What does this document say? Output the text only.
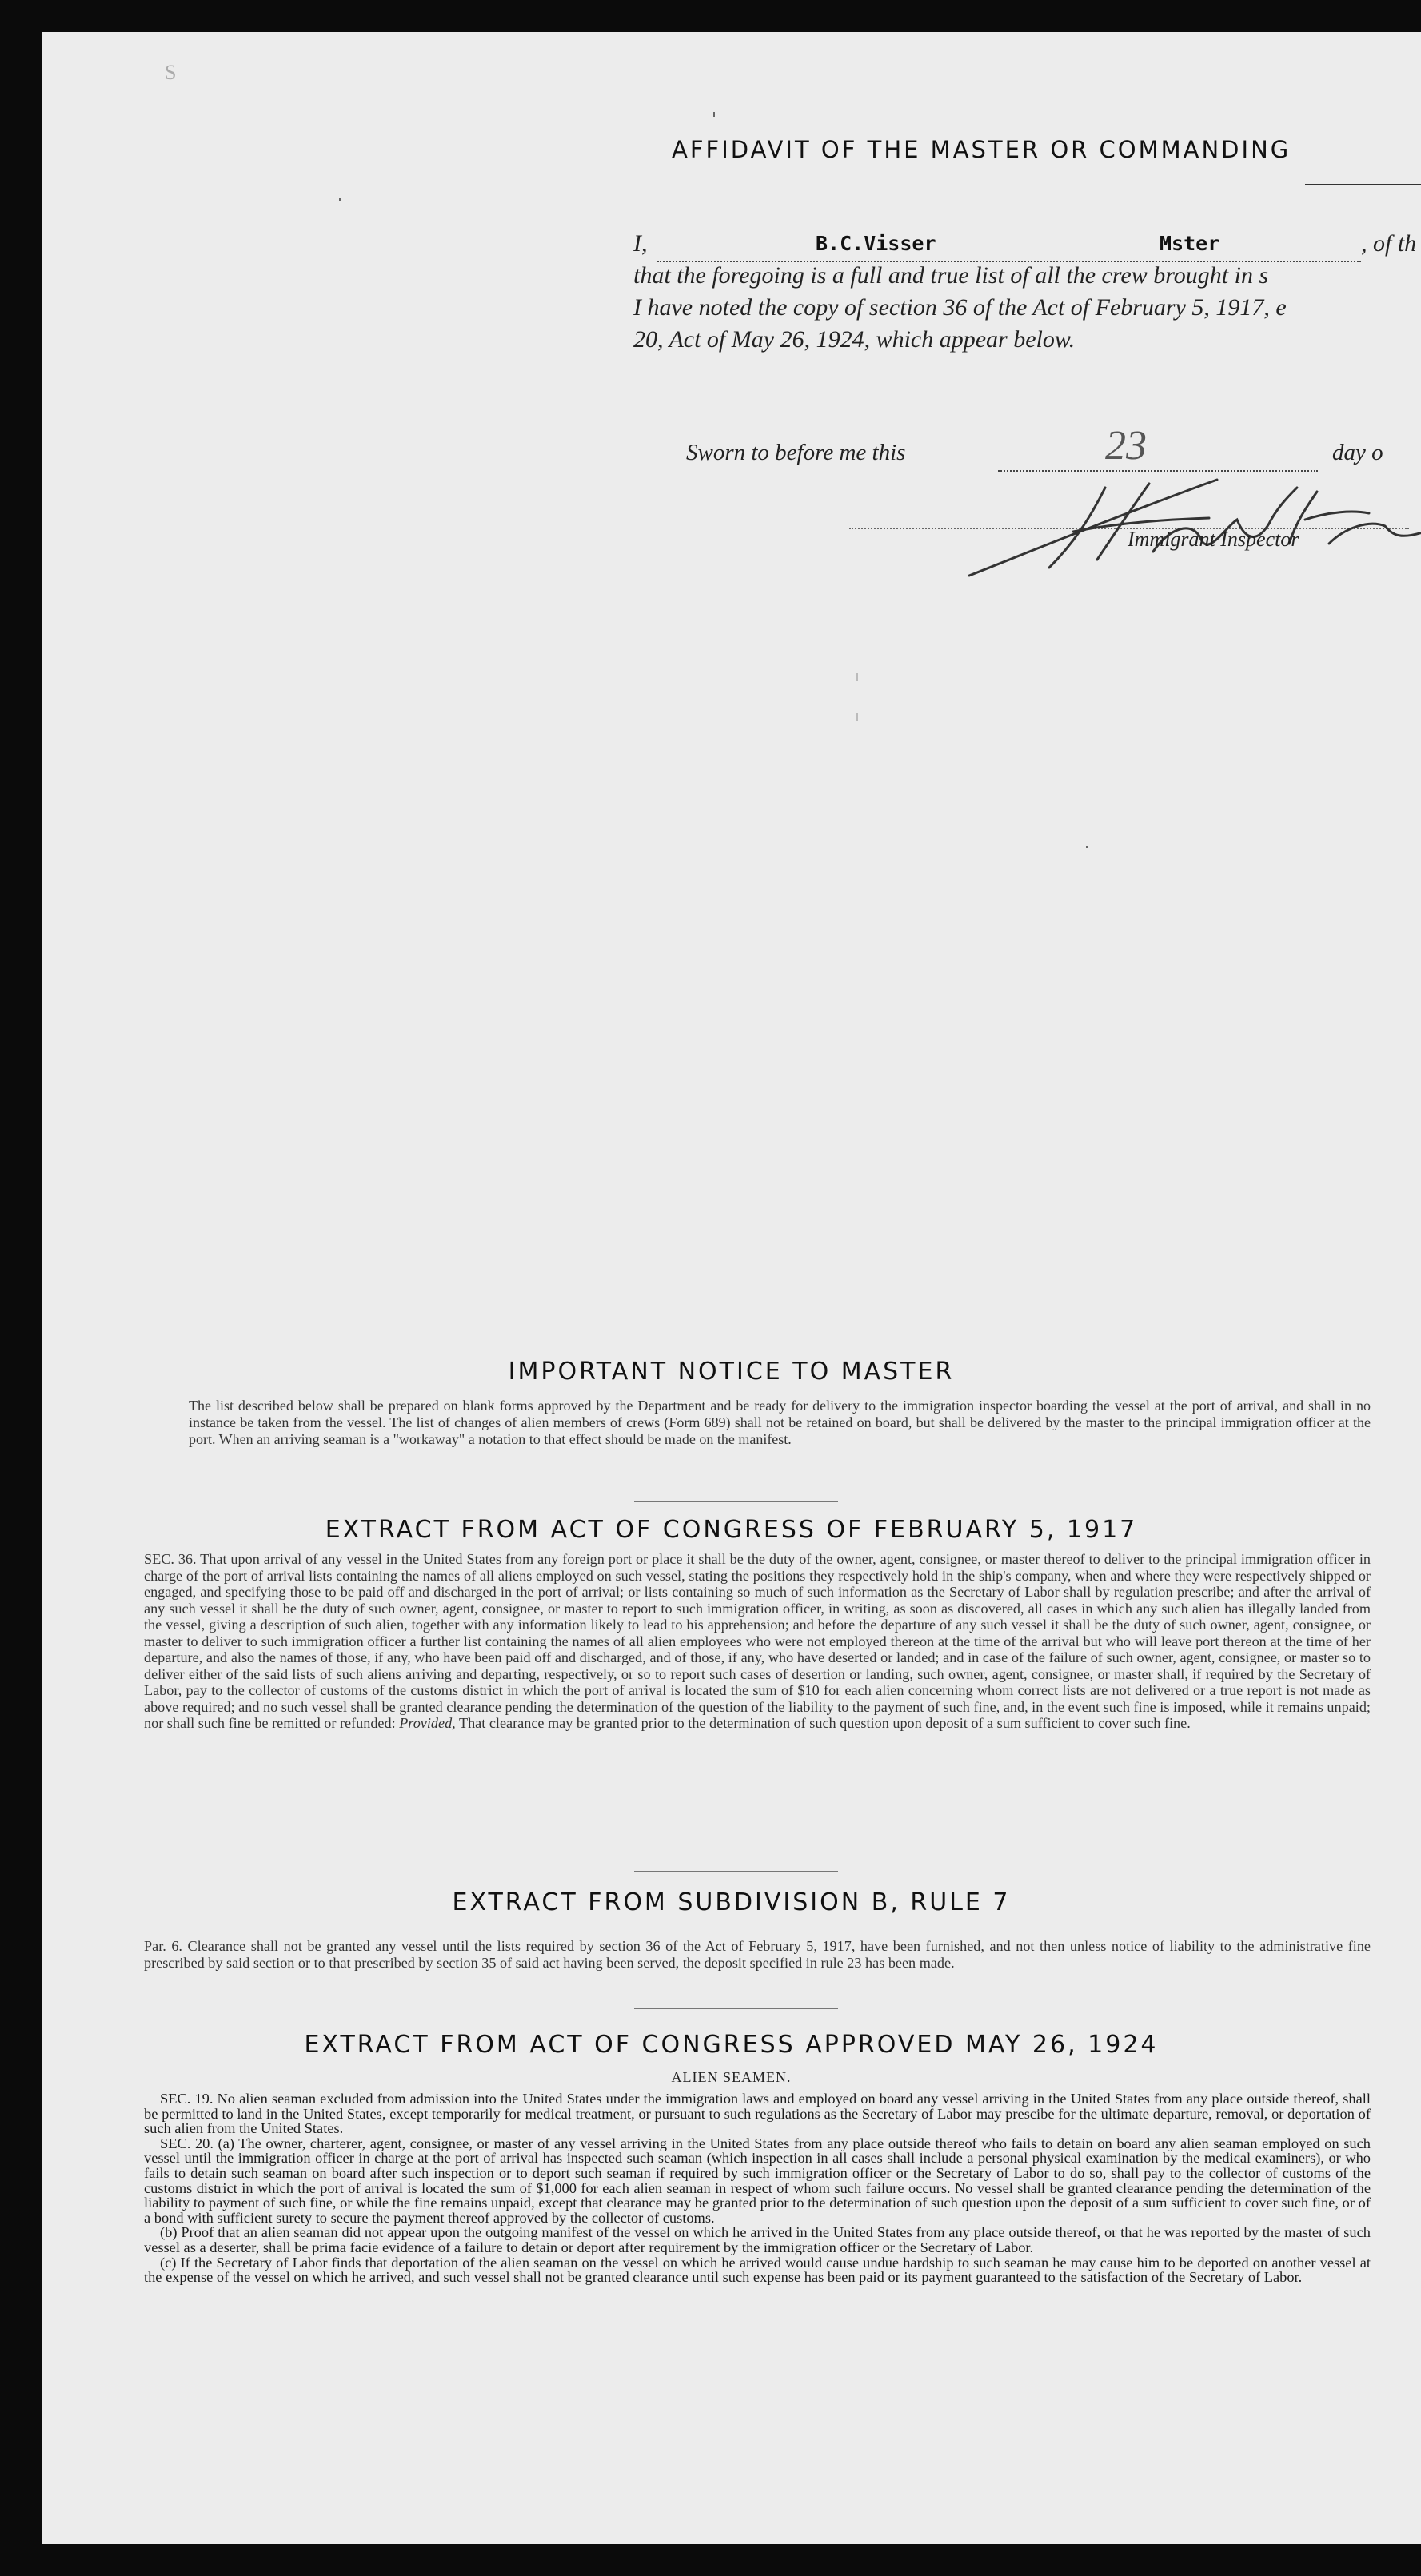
S
AFFIDAVIT OF THE MASTER OR COMMANDING
I,	B.C.Visser	Mster	, of th
that the foregoing is a full and true list of all the crew brought in s
I have noted the copy of section 36 of the Act of February 5, 1917, e
20, Act of May 26, 1924, which appear below.
Sworn to before me this	23	day o
Immigrant Inspector
IMPORTANT NOTICE TO MASTER

The list described below shall be prepared on blank forms approved by the Department and be ready for delivery to the immigration inspector boarding the vessel at the port of arrival, and shall in no instance be taken from the vessel. The list of changes of alien members of crews (Form 689) shall not be retained on board, but shall be delivered by the master to the principal immigration officer at the port. When an arriving seaman is a "workaway" a notation to that effect should be made on the manifest.

EXTRACT FROM ACT OF CONGRESS OF FEBRUARY 5, 1917

SEC. 36. That upon arrival of any vessel in the United States from any foreign port or place it shall be the duty of the owner, agent, consignee, or master thereof to deliver to the principal immigration officer in charge of the port of arrival lists containing the names of all aliens employed on such vessel, stating the positions they respectively hold in the ship's company, when and where they were respectively shipped or engaged, and specifying those to be paid off and discharged in the port of arrival; or lists containing so much of such information as the Secretary of Labor shall by regulation prescribe; and after the arrival of any such vessel it shall be the duty of such owner, agent, consignee, or master to report to such immigration officer, in writing, as soon as discovered, all cases in which any such alien has illegally landed from the vessel, giving a description of such alien, together with any information likely to lead to his apprehension; and before the departure of any such vessel it shall be the duty of such owner, agent, consignee, or master to deliver to such immigration officer a further list containing the names of all alien employees who were not employed thereon at the time of the arrival but who will leave port thereon at the time of her departure, and also the names of those, if any, who have been paid off and discharged, and of those, if any, who have deserted or landed; and in case of the failure of such owner, agent, consignee, or master so to deliver either of the said lists of such aliens arriving and departing, respectively, or so to report such cases of desertion or landing, such owner, agent, consignee, or master shall, if required by the Secretary of Labor, pay to the collector of customs of the customs district in which the port of arrival is located the sum of $10 for each alien concerning whom correct lists are not delivered or a true report is not made as above required; and no such vessel shall be granted clearance pending the determination of the question of the liability to the payment of such fine, and, in the event such fine is imposed, while it remains unpaid; nor shall such fine be remitted or refunded: Provided, That clearance may be granted prior to the determination of such question upon deposit of a sum sufficient to cover such fine.

EXTRACT FROM SUBDIVISION B, RULE 7

Par. 6. Clearance shall not be granted any vessel until the lists required by section 36 of the Act of February 5, 1917, have been furnished, and not then unless notice of liability to the administrative fine prescribed by said section or to that prescribed by section 35 of said act having been served, the deposit specified in rule 23 has been made.

EXTRACT FROM ACT OF CONGRESS APPROVED MAY 26, 1924
ALIEN SEAMEN.

SEC. 19. No alien seaman excluded from admission into the United States under the immigration laws and employed on board any vessel arriving in the United States from any place outside thereof, shall be permitted to land in the United States, except temporarily for medical treatment, or pursuant to such regulations as the Secretary of Labor may prescibe for the ultimate departure, removal, or deportation of such alien from the United States.

SEC. 20. (a) The owner, charterer, agent, consignee, or master of any vessel arriving in the United States from any place outside thereof who fails to detain on board any alien seaman employed on such vessel until the immigration officer in charge at the port of arrival has inspected such seaman (which inspection in all cases shall include a personal physical examination by the medical examiners), or who fails to detain such seaman on board after such inspection or to deport such seaman if required by such immigration officer or the Secretary of Labor to do so, shall pay to the collector of customs of the customs district in which the port of arrival is located the sum of $1,000 for each alien seaman in respect of whom such failure occurs. No vessel shall be granted clearance pending the determination of the liability to payment of such fine, or while the fine remains unpaid, except that clearance may be granted prior to the determination of such question upon the deposit of a sum sufficient to cover such fine, or of a bond with sufficient surety to secure the payment thereof approved by the collector of customs.

(b) Proof that an alien seaman did not appear upon the outgoing manifest of the vessel on which he arrived in the United States from any place outside thereof, or that he was reported by the master of such vessel as a deserter, shall be prima facie evidence of a failure to detain or deport after requirement by the immigration officer or the Secretary of Labor.

(c) If the Secretary of Labor finds that deportation of the alien seaman on the vessel on which he arrived would cause undue hardship to such seaman he may cause him to be deported on another vessel at the expense of the vessel on which he arrived, and such vessel shall not be granted clearance until such expense has been paid or its payment guaranteed to the satisfaction of the Secretary of Labor.
